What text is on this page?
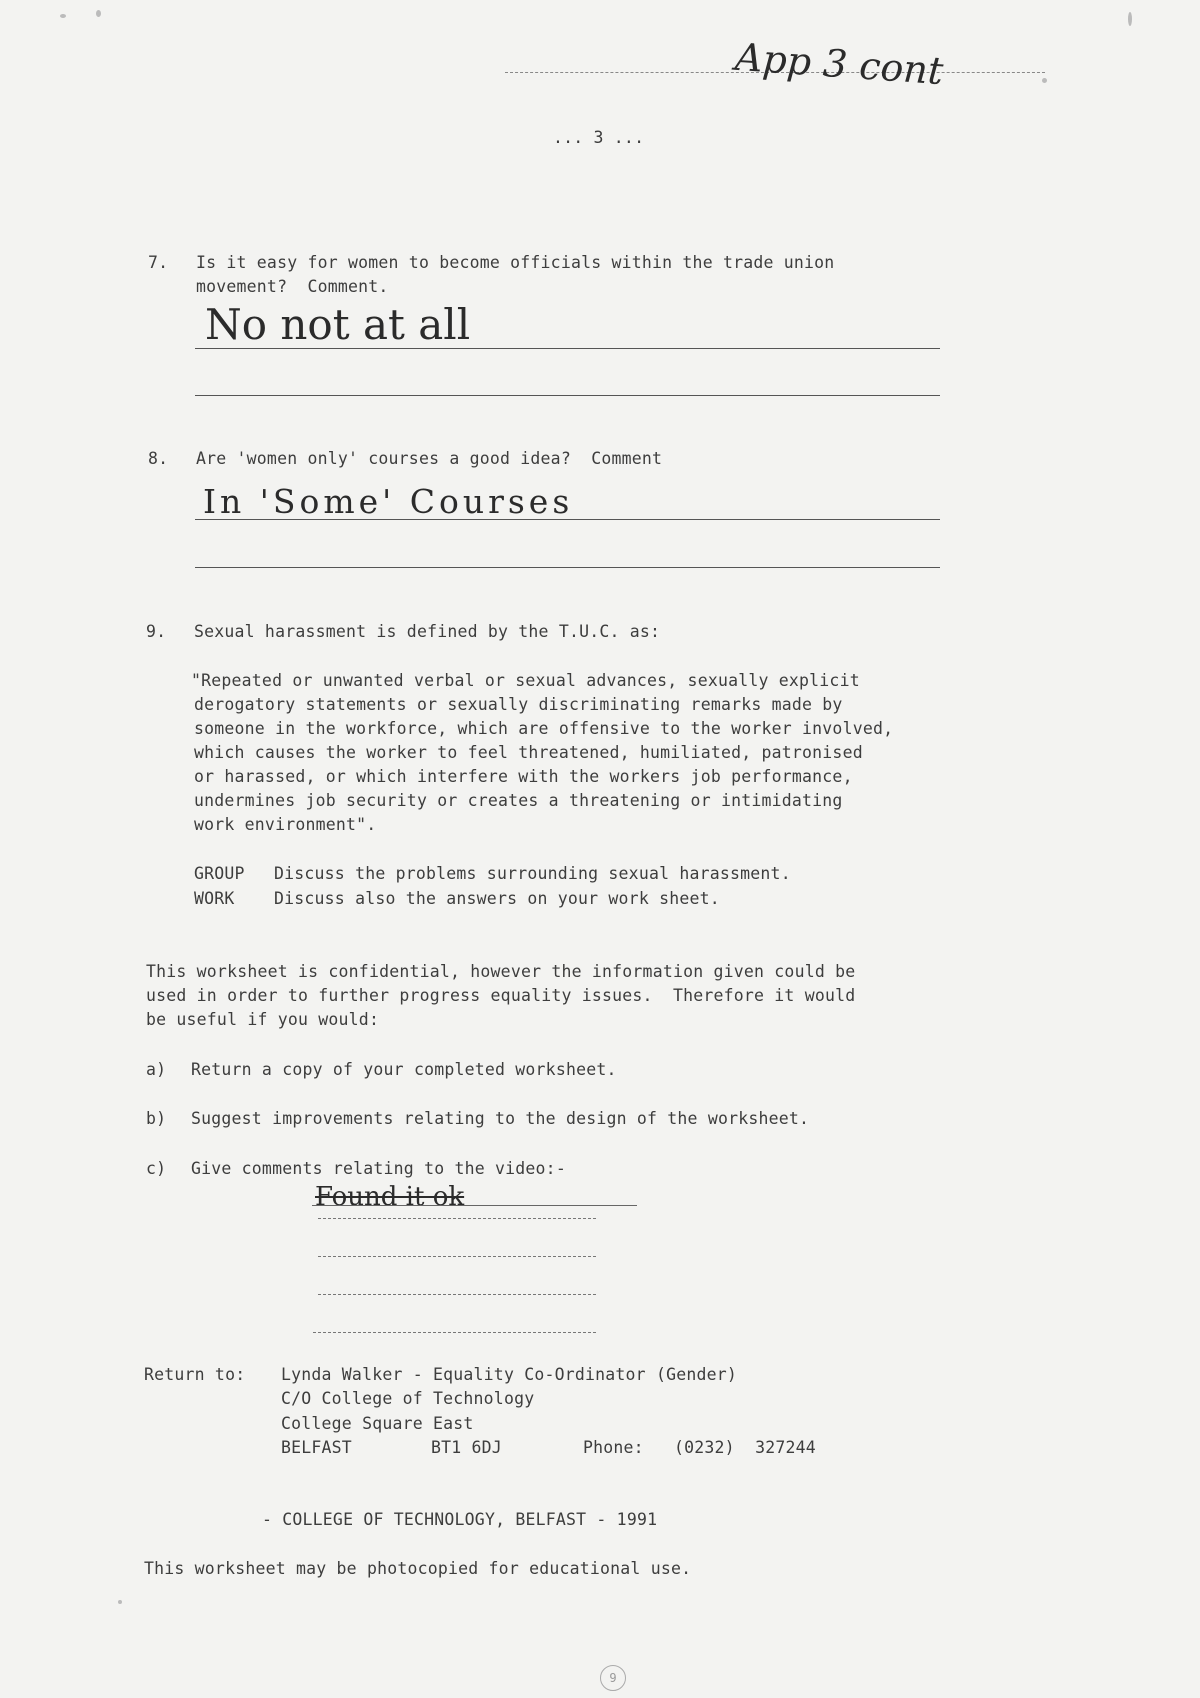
App 3 cont
... 3 ...
7. Is it easy for women to become officials within the trade union
movement?  Comment.
No not at all
8. Are 'women only' courses a good idea?  Comment
In 'Some' Courses
9. Sexual harassment is defined by the T.U.C. as:
"Repeated or unwanted verbal or sexual advances, sexually explicit
derogatory statements or sexually discriminating remarks made by
someone in the workforce, which are offensive to the worker involved,
which causes the worker to feel threatened, humiliated, patronised
or harassed, or which interfere with the workers job performance,
undermines job security or creates a threatening or intimidating
work environment".
GROUP
WORK
Discuss the problems surrounding sexual harassment.
Discuss also the answers on your work sheet.
This worksheet is confidential, however the information given could be
used in order to further progress equality issues.  Therefore it would
be useful if you would:
a) Return a copy of your completed worksheet.
b) Suggest improvements relating to the design of the worksheet.
c) Give comments relating to the video:-
Found it ok
Return to: Lynda Walker - Equality Co-Ordinator (Gender)
C/O College of Technology
College Square East
BELFAST	BT1 6DJ	Phone: (0232)  327244
- COLLEGE OF TECHNOLOGY, BELFAST - 1991
This worksheet may be photocopied for educational use.
9
